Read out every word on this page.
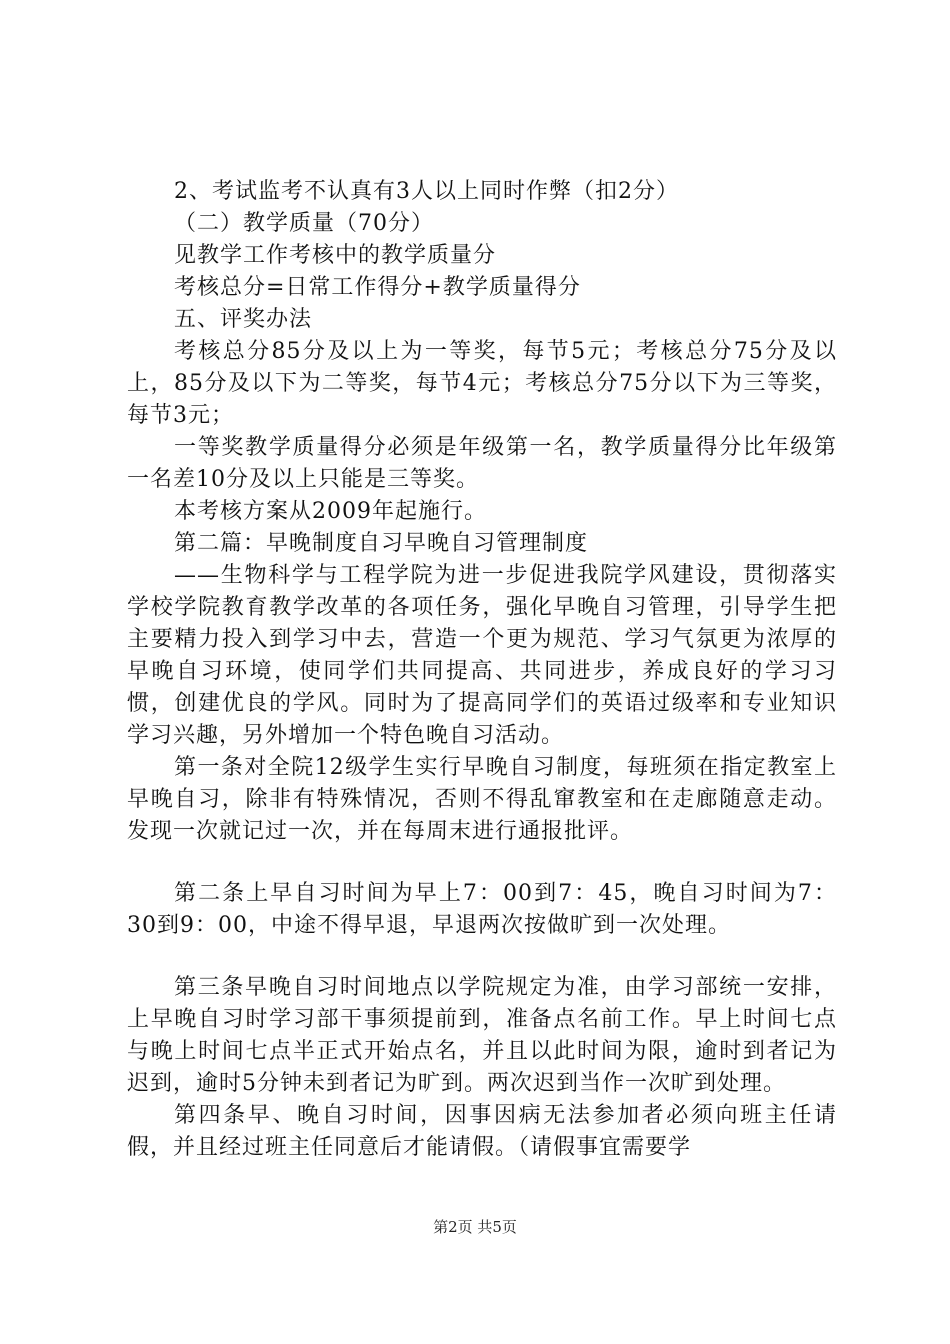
2、考试监考不认真有3人以上同时作弊（扣2分）

（二）教学质量（70分）

见教学工作考核中的教学质量分

考核总分=日常工作得分+教学质量得分

五、评奖办法

考核总分85分及以上为一等奖，每节5元；考核总分75分及以上，85分及以下为二等奖，每节4元；考核总分75分以下为三等奖，每节3元；

一等奖教学质量得分必须是年级第一名，教学质量得分比年级第一名差10分及以上只能是三等奖。

本考核方案从2009年起施行。

第二篇：早晚制度自习早晚自习管理制度

——生物科学与工程学院为进一步促进我院学风建设，贯彻落实学校学院教育教学改革的各项任务，强化早晚自习管理，引导学生把主要精力投入到学习中去，营造一个更为规范、学习气氛更为浓厚的早晚自习环境，使同学们共同提高、共同进步，养成良好的学习习惯，创建优良的学风。同时为了提高同学们的英语过级率和专业知识学习兴趣，另外增加一个特色晚自习活动。

第一条对全院12级学生实行早晚自习制度，每班须在指定教室上早晚自习，除非有特殊情况，否则不得乱窜教室和在走廊随意走动。发现一次就记过一次，并在每周末进行通报批评。

第二条上早自习时间为早上7：00到7：45，晚自习时间为7：30到9：00，中途不得早退，早退两次按做旷到一次处理。

第三条早晚自习时间地点以学院规定为准，由学习部统一安排，上早晚自习时学习部干事须提前到，准备点名前工作。早上时间七点与晚上时间七点半正式开始点名，并且以此时间为限，逾时到者记为迟到，逾时5分钟未到者记为旷到。两次迟到当作一次旷到处理。

第四条早、晚自习时间，因事因病无法参加者必须向班主任请假，并且经过班主任同意后才能请假。（请假事宜需要学

第2页 共5页
